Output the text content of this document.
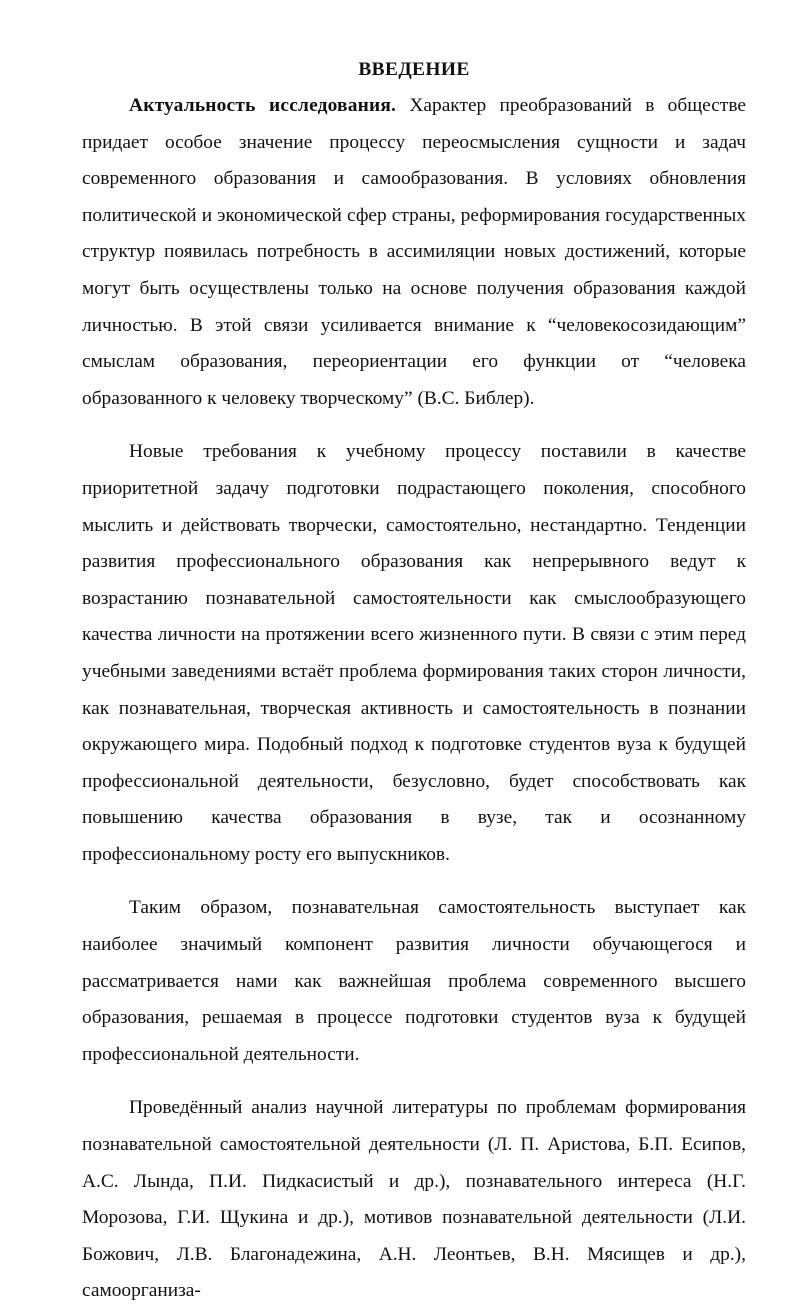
ВВЕДЕНИЕ

Актуальность исследования. Характер преобразований в обществе придает особое значение процессу переосмысления сущности и задач современного образования и самообразования. В условиях обновления политической и экономической сфер страны, реформирования государственных структур появилась потребность в ассимиляции новых достижений, которые могут быть осуществлены только на основе получения образования каждой личностью. В этой связи усиливается внимание к “человекосозидающим” смыслам образования, переориентации его функции от “человека образованного к человеку творческому” (В.С. Библер).

Новые требования к учебному процессу поставили в качестве приоритетной задачу подготовки подрастающего поколения, способного мыслить и действовать творчески, самостоятельно, нестандартно. Тенденции развития профессионального образования как непрерывного ведут к возрастанию познавательной самостоятельности как смыслообразующего качества личности на протяжении всего жизненного пути. В связи с этим перед учебными заведениями встаёт проблема формирования таких сторон личности, как познавательная, творческая активность и самостоятельность в познании окружающего мира. Подобный подход к подготовке студентов вуза к будущей профессиональной деятельности, безусловно, будет способствовать как повышению качества образования в вузе, так и осознанному профессиональному росту его выпускников.

Таким образом, познавательная самостоятельность выступает как наиболее значимый компонент развития личности обучающегося и рассматривается нами как важнейшая проблема современного высшего образования, решаемая в процессе подготовки студентов вуза к будущей профессиональной деятельности.

Проведённый анализ научной литературы по проблемам формирования познавательной самостоятельной деятельности (Л. П. Аристова, Б.П. Есипов, А.С. Лында, П.И. Пидкасистый и др.), познавательного интереса (Н.Г. Морозова, Г.И. Щукина и др.), мотивов познавательной деятельности (Л.И. Божович, Л.В. Благонадежина, А.Н. Леонтьев, В.Н. Мясищев и др.), самоорганиза-
